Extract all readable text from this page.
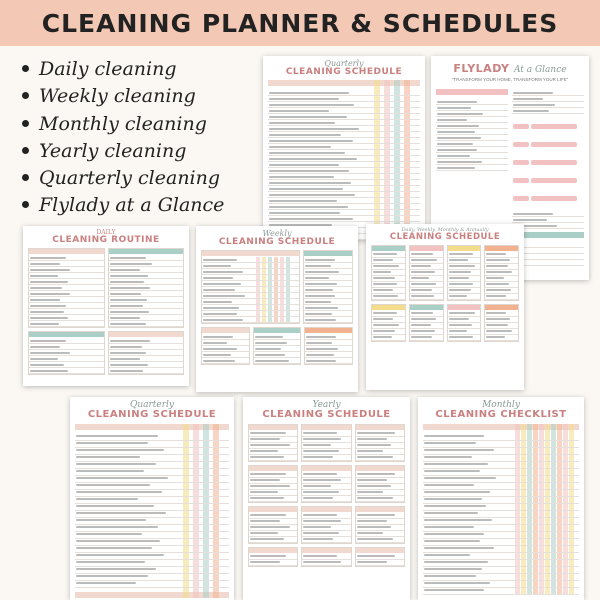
CLEANING PLANNER & SCHEDULES
Daily cleaning
Weekly cleaning
Monthly cleaning
Yearly cleaning
Quarterly cleaning
Flylady at a Glance
Quarterly
CLEANING SCHEDULE	FLYLADY At a Glance
"TRANSFORM YOUR HOME, TRANSFORM YOUR LIFE"

DAILY
CLEANING ROUTINE
Weekly
CLEANING SCHEDULE
Daily, Weekly, Monthly & Annually
CLEANING SCHEDULE
Quarterly
CLEANING SCHEDULE
Yearly
CLEANING SCHEDULE
Monthly
CLEANING CHECKLIST
